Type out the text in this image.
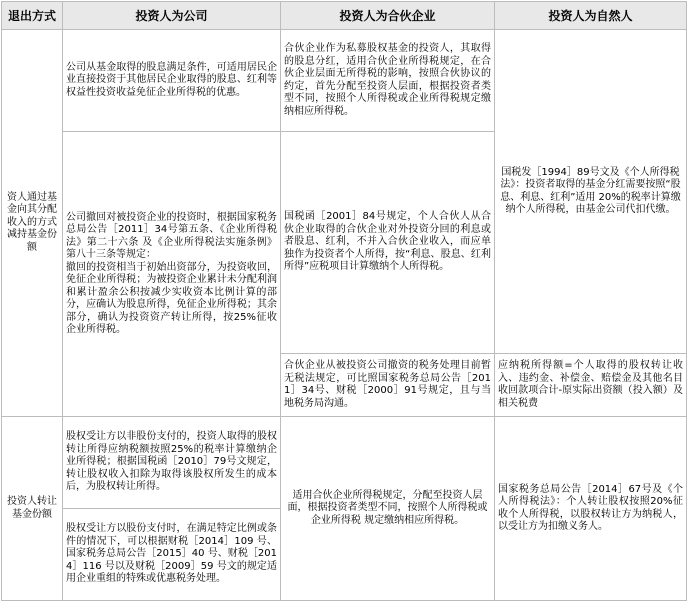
退出方式	投资人为公司	投资人为合伙企业	投资人为自然人
资人通过基金向其分配收入的方式减持基金份额	公司从基金取得的股息满足条件，可适用居民企业直接投资于其他居民企业取得的股息、红利等权益性投资收益免征企业所得税的优惠。	合伙企业作为私募股权基金的投资人，其取得的股息分红，适用合伙企业所得税规定，在合伙企业层面无所得税的影响，按照合伙协议的约定，首先分配至投资人层面，根据投资者类型不同，按照个人所得税或企业所得税规定缴纳相应所得税。	国税发［1994］89号文及《个人所得税法》：投资者取得的基金分红需要按照“股息、利息、红利”适用 20%的税率计算缴纳个人所得税，由基金公司代扣代缴。
	公司撤回对被投资企业的投资时，根据国家税务总局公告［2011］34号第五条、《企业所得税法》第二十六条 及《企业所得税法实施条例》第八十三条等规定：
撤回的投资相当于初始出资部分，为投资收回，免征企业所得税；为被投资企业累计未分配利润和累计盈余公积按减少实收资本比例计算的部分，应确认为股息所得，免征企业所得税；其余部分，确认为投资资产转让所得，按25%征收企业所得税。	国税函［2001］84号规定，个人合伙人从合伙企业取得的合伙企业对外投资分回的利息或者股息、红利，不并入合伙企业收入，而应单独作为投资者个人所得，按“利息、股息、红利所得”应税项目计算缴纳个人所得税。	
		合伙企业从被投资公司撤资的税务处理目前暂无税法规定，可比照国家税务总局公告［2011］34号、财税［2000］91号规定，且与当地税务局沟通。	应纳税所得额=个人取得的股权转让收入、违约金、补偿金、赔偿金及其他名目收回款项合计-原实际出资额（投入额）及相关税费
投资人转让基金份额	股权受让方以非股份支付的，投资人取得的股权转让所得应纳税额按照25%的税率计算缴纳企业所得税；根据国税函［2010］79号文规定，转让股权收入扣除为取得该股权所发生的成本后，为股权转让所得。	适用合伙企业所得税规定，分配至投资人层面，根据投资者类型不同，按照个人所得税或企业所得税 规定缴纳相应所得税。	国家税务总局公告［2014］67号及《个人所得税法》：个人转让股权按照20%征收个人所得税，以股权转让方为纳税人，以受让方为扣缴义务人。
	股权受让方以股份支付时，在满足特定比例或条件的情况下，可以根据财税［2014］109 号、国家税务总局公告［2015］40 号、财税［2014］116 号以及财税［2009］59 号文的规定适用企业重组的特殊或优惠税务处理。		
